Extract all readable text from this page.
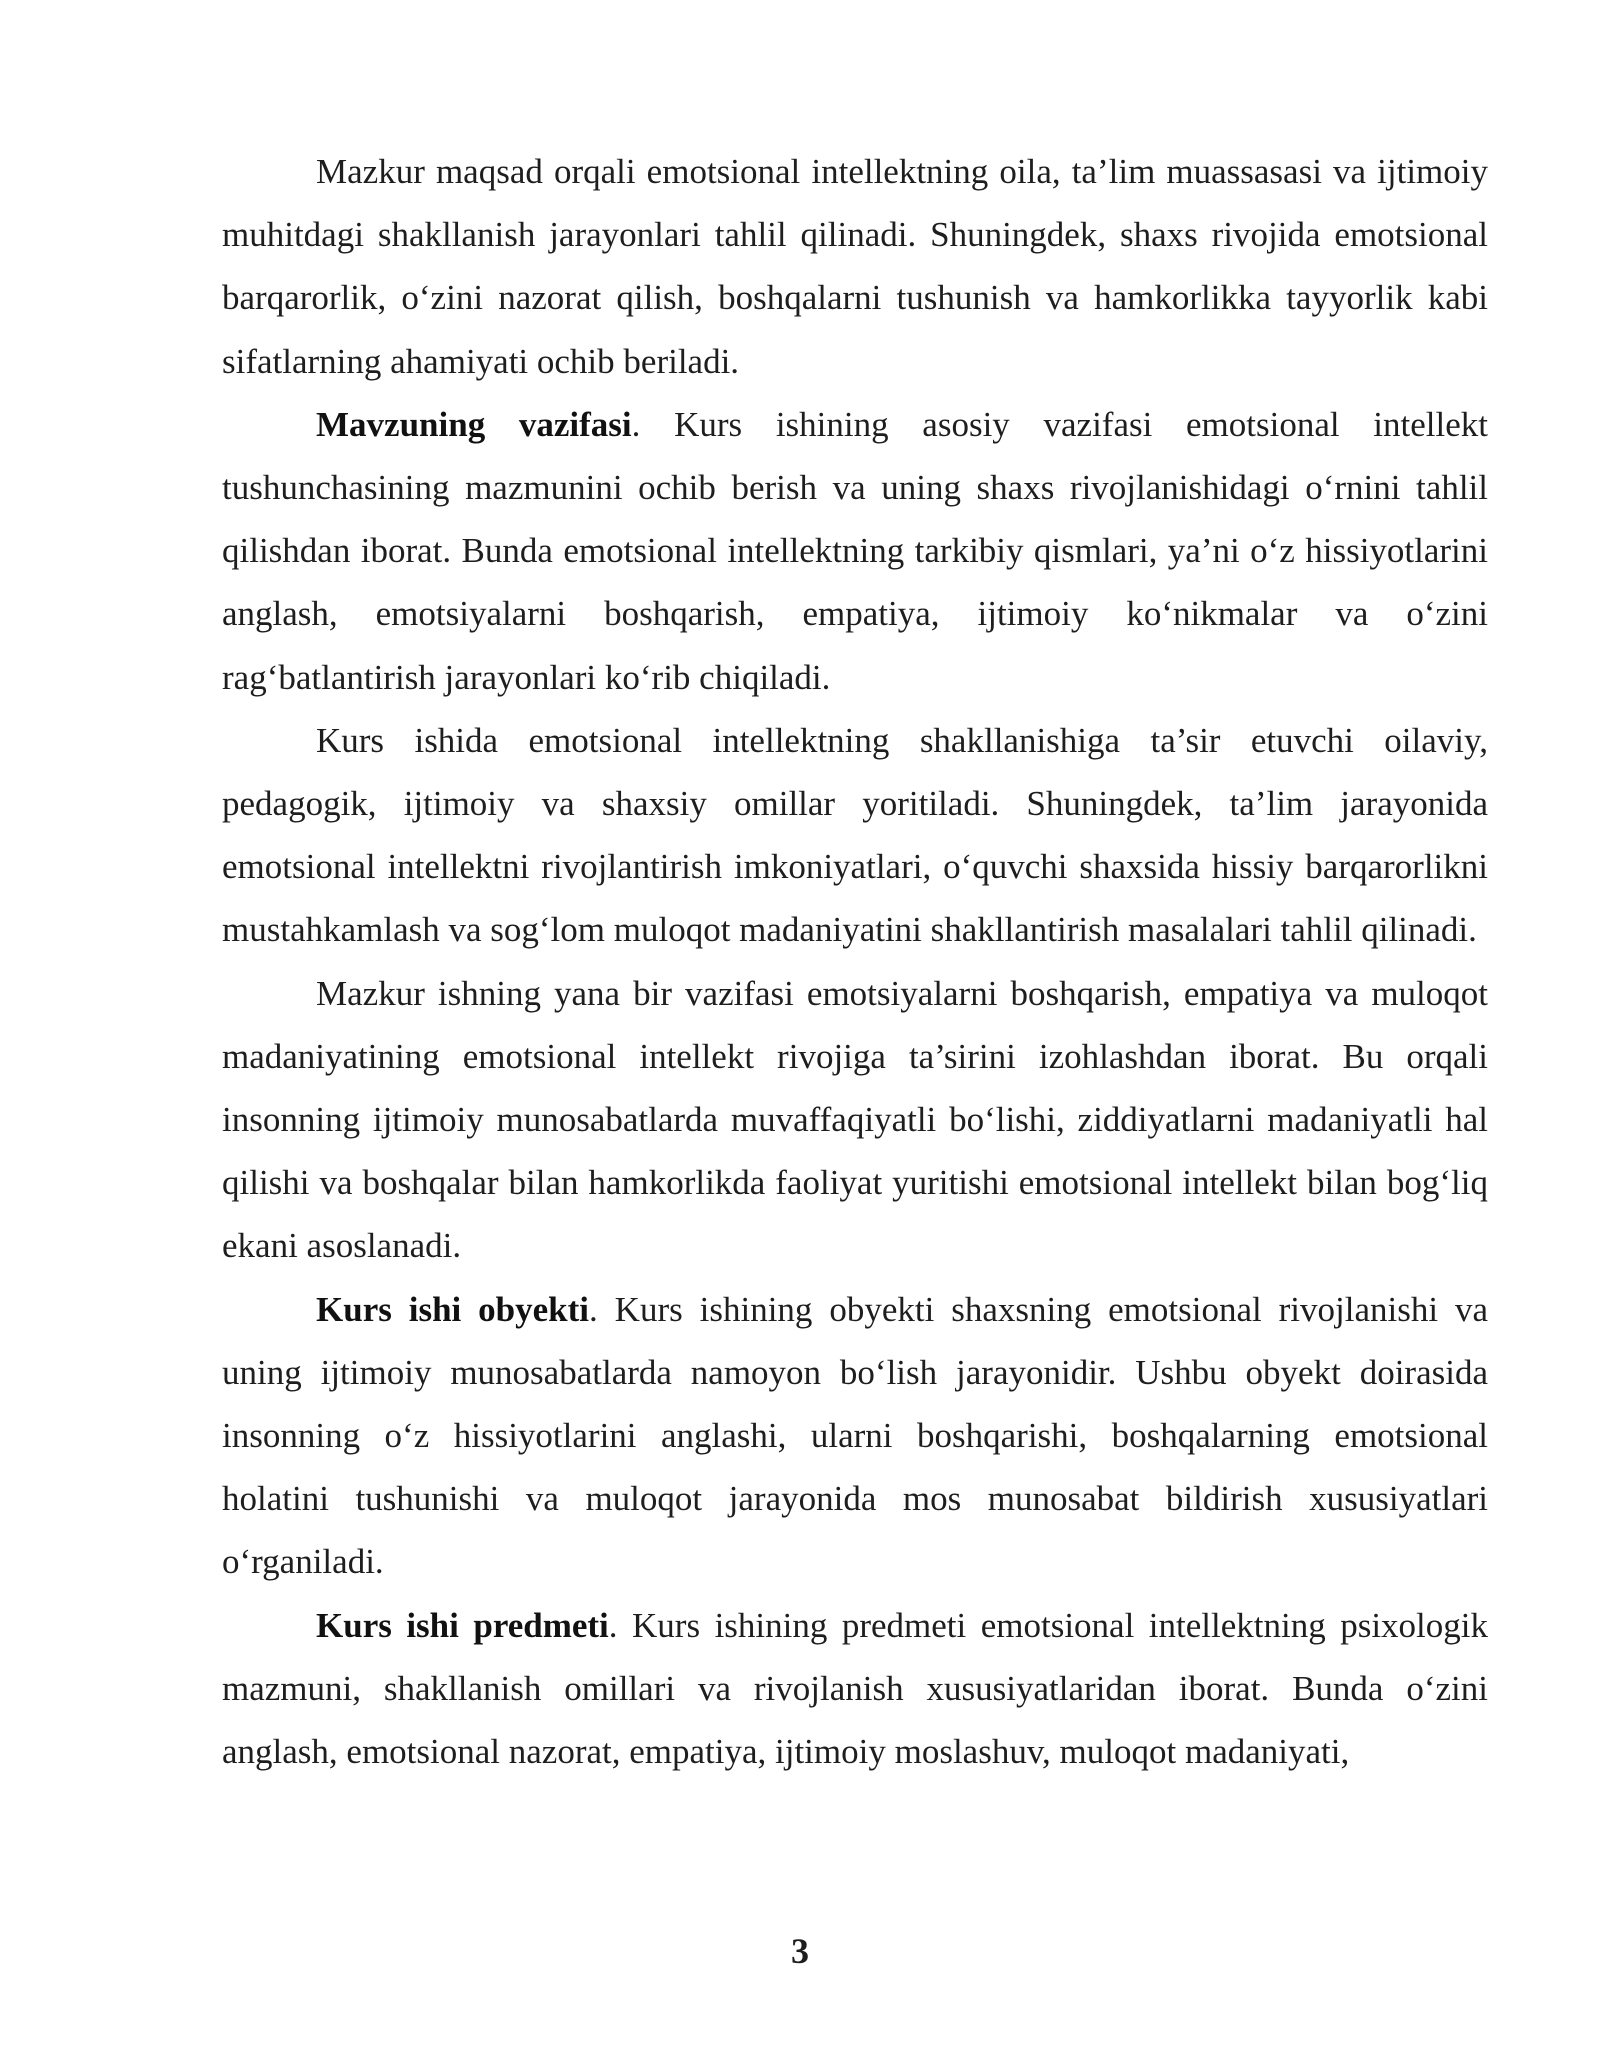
Mazkur maqsad orqali emotsional intellektning oila, ta’lim muassasasi va ijtimoiy muhitdagi shakllanish jarayonlari tahlil qilinadi. Shuningdek, shaxs rivojida emotsional barqarorlik, o‘zini nazorat qilish, boshqalarni tushunish va hamkorlikka tayyorlik kabi sifatlarning ahamiyati ochib beriladi.

Mavzuning vazifasi. Kurs ishining asosiy vazifasi emotsional intellekt tushunchasining mazmunini ochib berish va uning shaxs rivojlanishidagi o‘rnini tahlil qilishdan iborat. Bunda emotsional intellektning tarkibiy qismlari, ya’ni o‘z hissiyotlarini anglash, emotsiyalarni boshqarish, empatiya, ijtimoiy ko‘nikmalar va o‘zini rag‘batlantirish jarayonlari ko‘rib chiqiladi.

Kurs ishida emotsional intellektning shakllanishiga ta’sir etuvchi oilaviy, pedagogik, ijtimoiy va shaxsiy omillar yoritiladi. Shuningdek, ta’lim jarayonida emotsional intellektni rivojlantirish imkoniyatlari, o‘quvchi shaxsida hissiy barqarorlikni mustahkamlash va sog‘lom muloqot madaniyatini shakllantirish masalalari tahlil qilinadi.

Mazkur ishning yana bir vazifasi emotsiyalarni boshqarish, empatiya va muloqot madaniyatining emotsional intellekt rivojiga ta’sirini izohlashdan iborat. Bu orqali insonning ijtimoiy munosabatlarda muvaffaqiyatli bo‘lishi, ziddiyatlarni madaniyatli hal qilishi va boshqalar bilan hamkorlikda faoliyat yuritishi emotsional intellekt bilan bog‘liq ekani asoslanadi.

Kurs ishi obyekti. Kurs ishining obyekti shaxsning emotsional rivojlanishi va uning ijtimoiy munosabatlarda namoyon bo‘lish jarayonidir. Ushbu obyekt doirasida insonning o‘z hissiyotlarini anglashi, ularni boshqarishi, boshqalarning emotsional holatini tushunishi va muloqot jarayonida mos munosabat bildirish xususiyatlari o‘rganiladi.

Kurs ishi predmeti. Kurs ishining predmeti emotsional intellektning psixologik mazmuni, shakllanish omillari va rivojlanish xususiyatlaridan iborat. Bunda o‘zini anglash, emotsional nazorat, empatiya, ijtimoiy moslashuv, muloqot madaniyati,

3
